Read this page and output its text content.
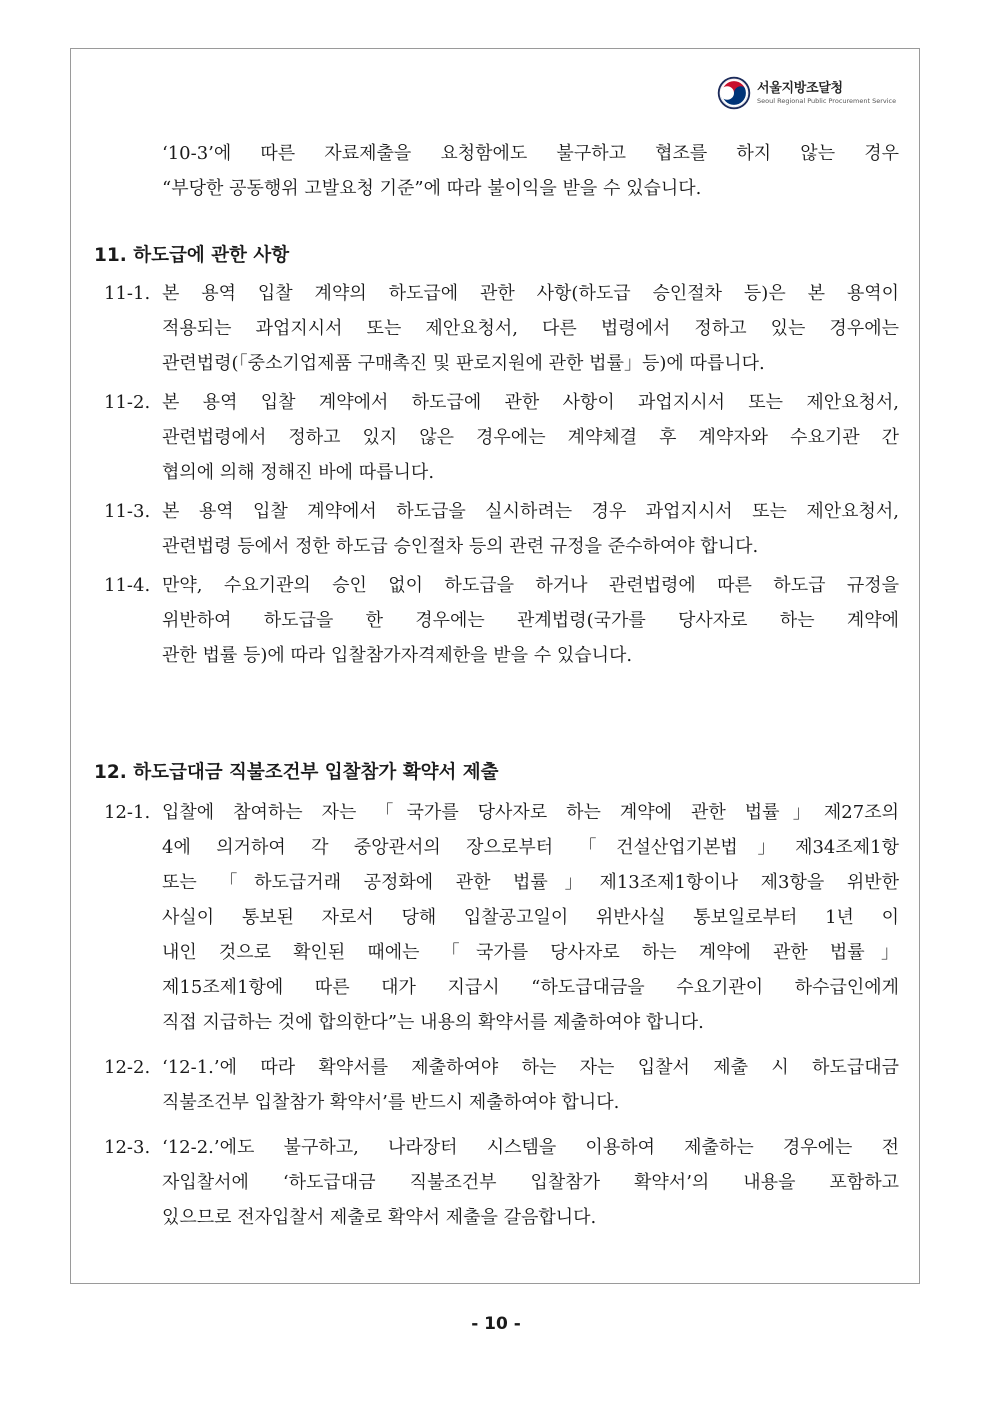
서울지방조달청
Seoul Regional Public Procurement Service
‘10-3’에 따른 자료제출을 요청함에도 불구하고 협조를 하지 않는 경우
“부당한 공동행위 고발요청 기준”에 따라 불이익을 받을 수 있습니다.
11. 하도급에 관한 사항
11-1. 본 용역 입찰 계약의 하도급에 관한 사항(하도급 승인절차 등)은 본 용역이
적용되는 과업지시서 또는 제안요청서, 다른 법령에서 정하고 있는 경우에는
관련법령(「중소기업제품 구매촉진 및 판로지원에 관한 법률」등)에 따릅니다.
11-2. 본 용역 입찰 계약에서 하도급에 관한 사항이 과업지시서 또는 제안요청서,
관련법령에서 정하고 있지 않은 경우에는 계약체결 후 계약자와 수요기관 간
협의에 의해 정해진 바에 따릅니다.
11-3. 본 용역 입찰 계약에서 하도급을 실시하려는 경우 과업지시서 또는 제안요청서,
관련법령 등에서 정한 하도급 승인절차 등의 관련 규정을 준수하여야 합니다.
11-4. 만약, 수요기관의 승인 없이 하도급을 하거나 관련법령에 따른 하도급 규정을
위반하여 하도급을 한 경우에는 관계법령(국가를 당사자로 하는 계약에
관한 법률 등)에 따라 입찰참가자격제한을 받을 수 있습니다.
12. 하도급대금 직불조건부 입찰참가 확약서 제출
12-1. 입찰에 참여하는 자는 「국가를 당사자로 하는 계약에 관한 법률」제27조의
4에 의거하여 각 중앙관서의 장으로부터 「건설산업기본법」제34조제1항
또는 「하도급거래 공정화에 관한 법률」제13조제1항이나 제3항을 위반한
사실이 통보된 자로서 당해 입찰공고일이 위반사실 통보일로부터 1년 이
내인 것으로 확인된 때에는 「국가를 당사자로 하는 계약에 관한 법률」
제15조제1항에 따른 대가 지급시 “하도급대금을 수요기관이 하수급인에게
직접 지급하는 것에 합의한다”는 내용의 확약서를 제출하여야 합니다.
12-2. ‘12-1.’에 따라 확약서를 제출하여야 하는 자는 입찰서 제출 시 하도급대금
직불조건부 입찰참가 확약서’를 반드시 제출하여야 합니다.
12-3. ‘12-2.’에도 불구하고, 나라장터 시스템을 이용하여 제출하는 경우에는 전
자입찰서에 ‘하도급대금 직불조건부 입찰참가 확약서’의 내용을 포함하고
있으므로 전자입찰서 제출로 확약서 제출을 갈음합니다.
- 10 -
